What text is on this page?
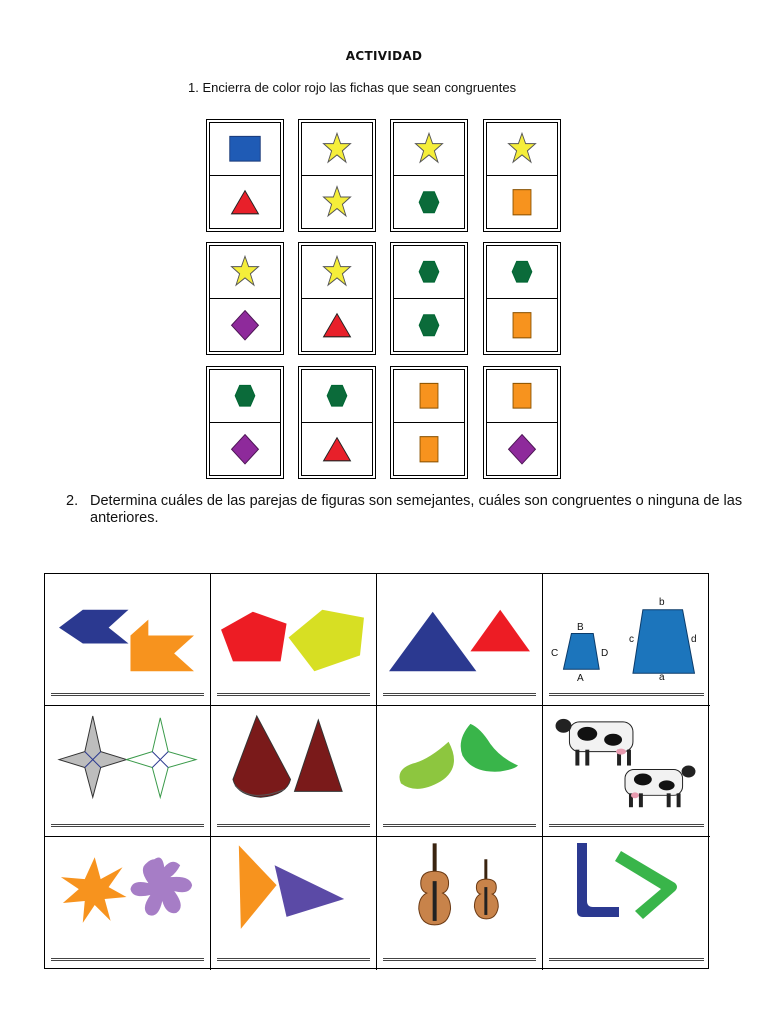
ACTIVIDAD
1. Encierra de color rojo las fichas que sean congruentes
2. Determina cuáles de las parejas de figuras son semejantes, cuáles son congruentes o ninguna de las anteriores.
B
C	D
A
b
c	d
a
